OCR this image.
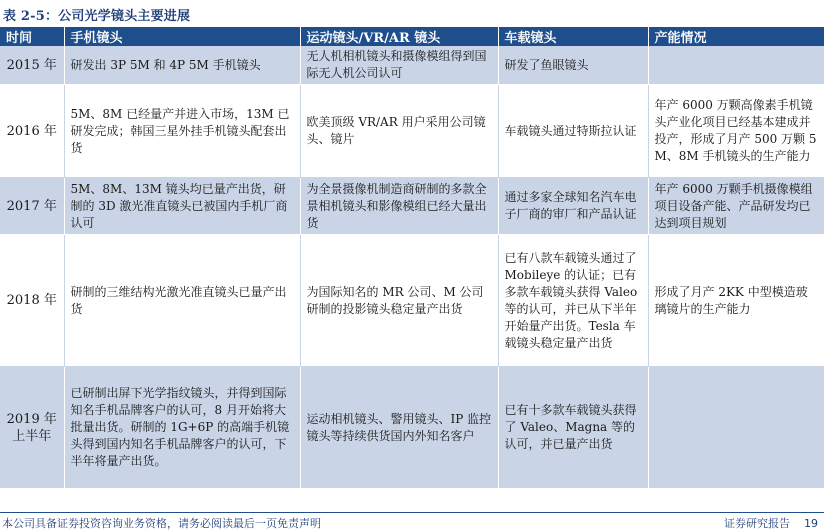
表 2-5：公司光学镜头主要进展
时间	手机镜头	运动镜头/VR/AR 镜头	车载镜头	产能情况
2015 年	研发出 3P 5M 和 4P 5M 手机镜头	无人机相机镜头和摄像模组得到国际无人机公司认可	研发了鱼眼镜头	
2016 年	5M、8M 已经量产并进入市场，13M 已研发完成；韩国三星外挂手机镜头配套出货	欧美顶级 VR/AR 用户采用公司镜头、镜片	车载镜头通过特斯拉认证	年产 6000 万颗高像素手机镜头产业化项目已经基本建成并投产，形成了月产 500 万颗 5M、8M 手机镜头的生产能力
2017 年	5M、8M、13M 镜头均已量产出货，研制的 3D 激光准直镜头已被国内手机厂商认可	为全景摄像机制造商研制的多款全景相机镜头和影像模组已经大量出货	通过多家全球知名汽车电子厂商的审厂和产品认证	年产 6000 万颗手机摄像模组项目设备产能、产品研发均已达到项目规划
2018 年	研制的三维结构光激光准直镜头已量产出货	为国际知名的 MR 公司、M 公司研制的投影镜头稳定量产出货	已有八款车载镜头通过了 Mobileye 的认证；已有多款车载镜头获得 Valeo 等的认可，并已从下半年开始量产出货。Tesla 车载镜头稳定量产出货	形成了月产 2KK 中型模造玻璃镜片的生产能力
2019 年上半年	已研制出屏下光学指纹镜头，并得到国际知名手机品牌客户的认可，8 月开始将大批量出货。研制的 1G+6P 的高端手机镜头得到国内知名手机品牌客户的认可，下半年将量产出货。	运动相机镜头、警用镜头、IP 监控镜头等持续供货国内外知名客户	已有十多款车载镜头获得了 Valeo、Magna 等的认可，并已量产出货	
本公司具备证券投资咨询业务资格，请务必阅读最后一页免责声明	证券研究报告 19
